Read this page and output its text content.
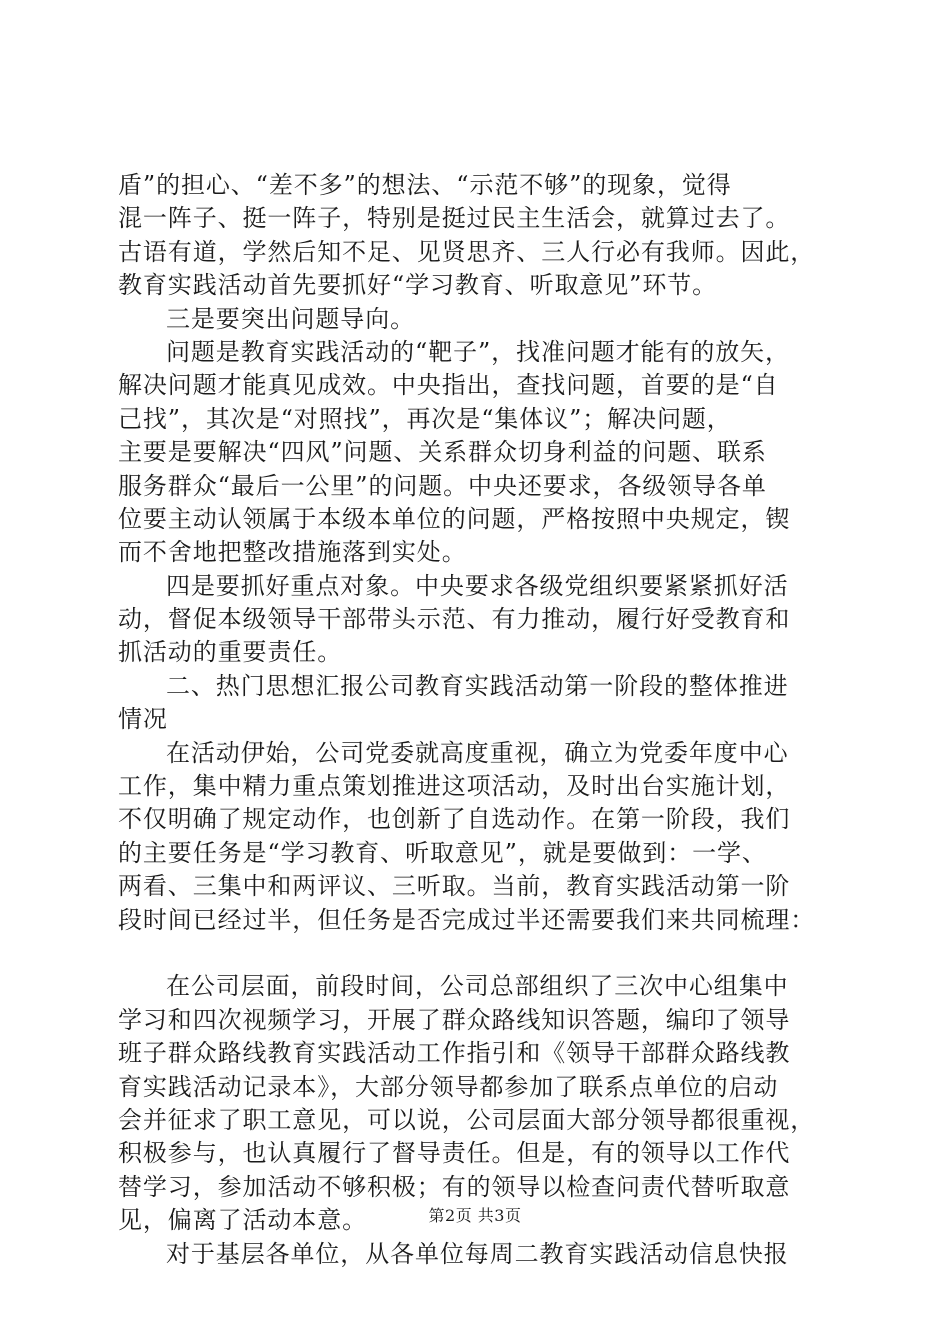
盾”的担心、“差不多”的想法、“示范不够”的现象，觉得
混一阵子、挺一阵子，特别是挺过民主生活会，就算过去了。
古语有道，学然后知不足、见贤思齐、三人行必有我师。因此，
教育实践活动首先要抓好“学习教育、听取意见”环节。
三是要突出问题导向。
问题是教育实践活动的“靶子”，找准问题才能有的放矢，
解决问题才能真见成效。中央指出，查找问题，首要的是“自
己找”，其次是“对照找”，再次是“集体议”；解决问题，
主要是要解决“四风”问题、关系群众切身利益的问题、联系
服务群众“最后一公里”的问题。中央还要求，各级领导各单
位要主动认领属于本级本单位的问题，严格按照中央规定，锲
而不舍地把整改措施落到实处。
四是要抓好重点对象。中央要求各级党组织要紧紧抓好活
动，督促本级领导干部带头示范、有力推动，履行好受教育和
抓活动的重要责任。
二、热门思想汇报公司教育实践活动第一阶段的整体推进
情况
在活动伊始，公司党委就高度重视，确立为党委年度中心
工作，集中精力重点策划推进这项活动，及时出台实施计划，
不仅明确了规定动作，也创新了自选动作。在第一阶段，我们
的主要任务是“学习教育、听取意见”，就是要做到：一学、
两看、三集中和两评议、三听取。当前，教育实践活动第一阶
段时间已经过半，但任务是否完成过半还需要我们来共同梳理：
在公司层面，前段时间，公司总部组织了三次中心组集中
学习和四次视频学习，开展了群众路线知识答题，编印了领导
班子群众路线教育实践活动工作指引和《领导干部群众路线教
育实践活动记录本》，大部分领导都参加了联系点单位的启动
会并征求了职工意见，可以说，公司层面大部分领导都很重视，
积极参与，也认真履行了督导责任。但是，有的领导以工作代
替学习，参加活动不够积极；有的领导以检查问责代替听取意
见，偏离了活动本意。
对于基层各单位，从各单位每周二教育实践活动信息快报
第2页 共3页
